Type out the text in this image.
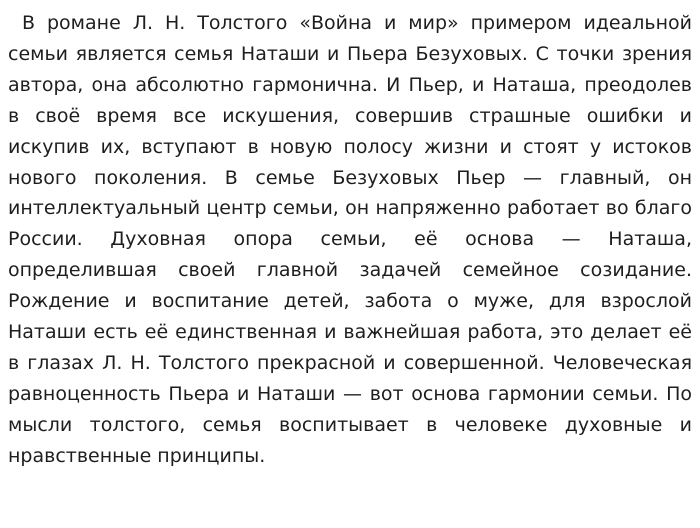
В романе Л. Н. Толстого «Война и мир» примером идеальной семьи является семья Наташи и Пьера Безуховых. С точки зрения автора, она абсолютно гармонична. И Пьер, и Наташа, преодолев в своё время все искушения, совершив страшные ошибки и искупив их, вступают в новую полосу жизни и стоят у истоков нового поколения. В семье Безуховых Пьер — главный, он интеллектуальный центр семьи, он напряженно работает во благо России. Духовная опора семьи, её основа — Наташа, определившая своей главной задачей семейное созидание. Рождение и воспитание детей, забота о муже, для взрослой Наташи есть её единственная и важнейшая работа, это делает её в глазах Л. Н. Толстого прекрасной и совершенной. Человеческая равноценность Пьера и Наташи — вот основа гармонии семьи. По мысли толстого, семья воспитывает в человеке духовные и нравственные принципы.
